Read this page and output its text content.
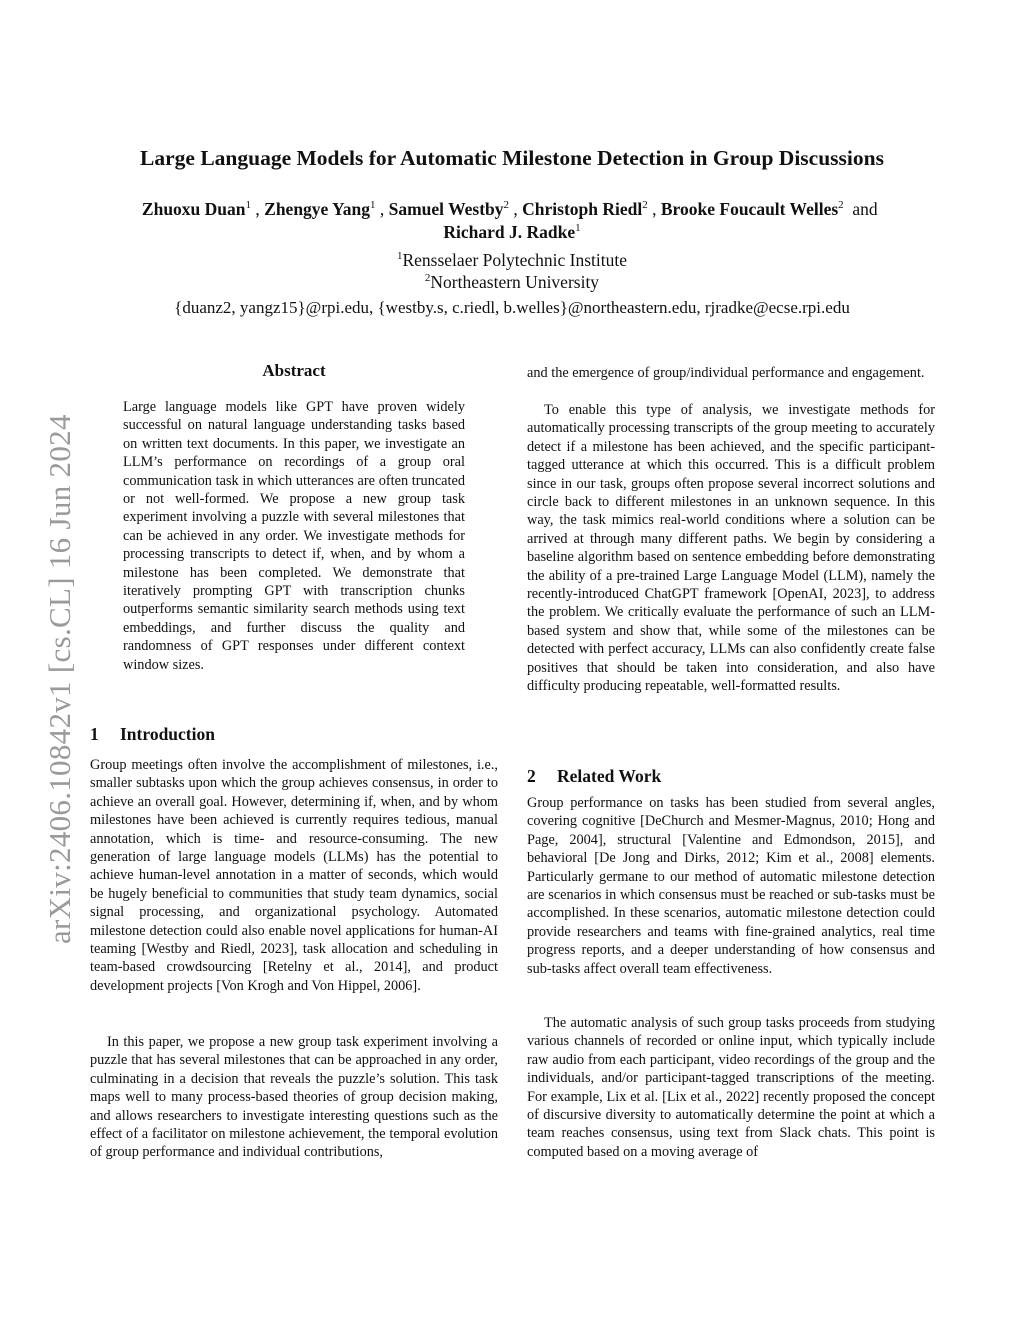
arXiv:2406.10842v1 [cs.CL] 16 Jun 2024
Large Language Models for Automatic Milestone Detection in Group Discussions
Zhuoxu Duan$^1$ , Zhengye Yang$^1$ , Samuel Westby$^2$ , Christoph Riedl$^2$ , Brooke Foucault Welles$^2$ and  Richard J. Radke$^1$
$^1$Rensselaer Polytechnic Institute
$^2$Northeastern University
{duanz2, yangz15}@rpi.edu, {westby.s, c.riedl, b.welles}@northeastern.edu, rjradke@ecse.rpi.edu
Abstract

Large language models like GPT have proven widely successful on natural language understanding tasks based on written text documents. In this paper, we investigate an LLM’s performance on recordings of a group oral communication task in which utterances are often truncated or not well-formed. We propose a new group task experiment involving a puzzle with several milestones that can be achieved in any order. We investigate methods for processing transcripts to detect if, when, and by whom a milestone has been completed. We demonstrate that iteratively prompting GPT with transcription chunks outperforms semantic similarity search methods using text embeddings, and further discuss the quality and randomness of GPT responses under different context window sizes.

1 Introduction

Group meetings often involve the accomplishment of milestones, i.e., smaller subtasks upon which the group achieves consensus, in order to achieve an overall goal. However, determining if, when, and by whom milestones have been achieved is currently requires tedious, manual annotation, which is time- and resource-consuming. The new generation of large language models (LLMs) has the potential to achieve human-level annotation in a matter of seconds, which would be hugely beneficial to communities that study team dynamics, social signal processing, and organizational psychology. Automated milestone detection could also enable novel applications for human-AI teaming [Westby and Riedl, 2023], task allocation and scheduling in team-based crowdsourcing [Retelny et al., 2014], and product development projects [Von Krogh and Von Hippel, 2006].

In this paper, we propose a new group task experiment involving a puzzle that has several milestones that can be approached in any order, culminating in a decision that reveals the puzzle’s solution. This task maps well to many process-based theories of group decision making, and allows researchers to investigate interesting questions such as the effect of a facilitator on milestone achievement, the temporal evolution of group performance and individual contributions,

and the emergence of group/individual performance and engagement.

To enable this type of analysis, we investigate methods for automatically processing transcripts of the group meeting to accurately detect if a milestone has been achieved, and the specific participant-tagged utterance at which this occurred. This is a difficult problem since in our task, groups often propose several incorrect solutions and circle back to different milestones in an unknown sequence. In this way, the task mimics real-world conditions where a solution can be arrived at through many different paths. We begin by considering a baseline algorithm based on sentence embedding before demonstrating the ability of a pre-trained Large Language Model (LLM), namely the recently-introduced ChatGPT framework [OpenAI, 2023], to address the problem. We critically evaluate the performance of such an LLM-based system and show that, while some of the milestones can be detected with perfect accuracy, LLMs can also confidently create false positives that should be taken into consideration, and also have difficulty producing repeatable, well-formatted results.

2 Related Work

Group performance on tasks has been studied from several angles, covering cognitive [DeChurch and Mesmer-Magnus, 2010; Hong and Page, 2004], structural [Valentine and Edmondson, 2015], and behavioral [De Jong and Dirks, 2012; Kim et al., 2008] elements. Particularly germane to our method of automatic milestone detection are scenarios in which consensus must be reached or sub-tasks must be accomplished. In these scenarios, automatic milestone detection could provide researchers and teams with fine-grained analytics, real time progress reports, and a deeper understanding of how consensus and sub-tasks affect overall team effectiveness.

The automatic analysis of such group tasks proceeds from studying various channels of recorded or online input, which typically include raw audio from each participant, video recordings of the group and the individuals, and/or participant-tagged transcriptions of the meeting. For example, Lix et al. [Lix et al., 2022] recently proposed the concept of discursive diversity to automatically determine the point at which a team reaches consensus, using text from Slack chats. This point is computed based on a moving average of
